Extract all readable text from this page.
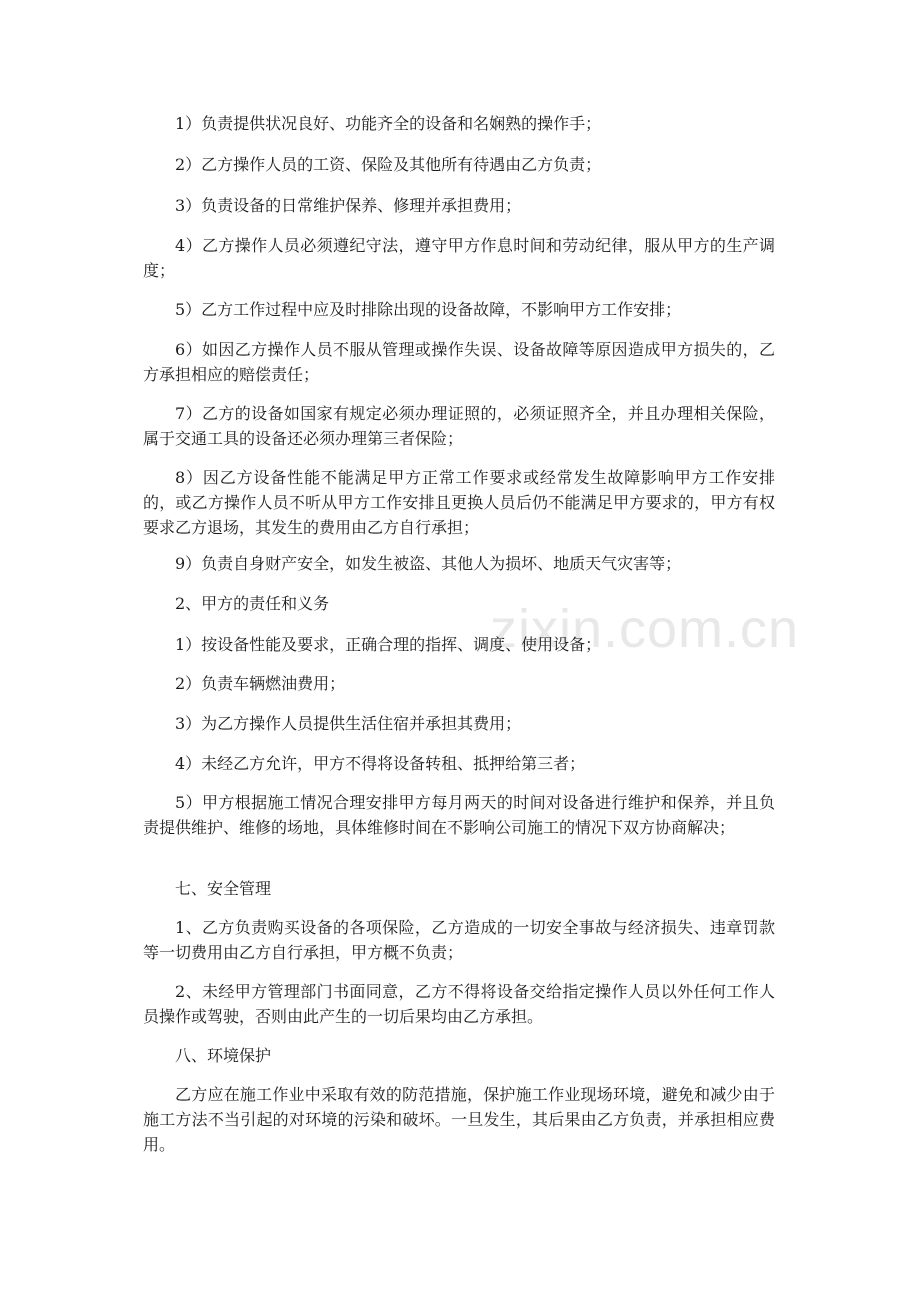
zixin.com.cn

1）负责提供状况良好、功能齐全的设备和名娴熟的操作手；

2）乙方操作人员的工资、保险及其他所有待遇由乙方负责；

3）负责设备的日常维护保养、修理并承担费用；

4）乙方操作人员必须遵纪守法，遵守甲方作息时间和劳动纪律，服从甲方的生产调度；

5）乙方工作过程中应及时排除出现的设备故障，不影响甲方工作安排；

6）如因乙方操作人员不服从管理或操作失误、设备故障等原因造成甲方损失的，乙方承担相应的赔偿责任；

7）乙方的设备如国家有规定必须办理证照的，必须证照齐全，并且办理相关保险，属于交通工具的设备还必须办理第三者保险；

8）因乙方设备性能不能满足甲方正常工作要求或经常发生故障影响甲方工作安排的，或乙方操作人员不听从甲方工作安排且更换人员后仍不能满足甲方要求的，甲方有权要求乙方退场，其发生的费用由乙方自行承担；

9）负责自身财产安全，如发生被盗、其他人为损坏、地质天气灾害等；

2、甲方的责任和义务

1）按设备性能及要求，正确合理的指挥、调度、使用设备；

2）负责车辆燃油费用；

3）为乙方操作人员提供生活住宿并承担其费用；

4）未经乙方允许，甲方不得将设备转租、抵押给第三者；

5）甲方根据施工情况合理安排甲方每月两天的时间对设备进行维护和保养，并且负责提供维护、维修的场地，具体维修时间在不影响公司施工的情况下双方协商解决；

七、安全管理

1、乙方负责购买设备的各项保险，乙方造成的一切安全事故与经济损失、违章罚款等一切费用由乙方自行承担，甲方概不负责；

2、未经甲方管理部门书面同意，乙方不得将设备交给指定操作人员以外任何工作人员操作或驾驶，否则由此产生的一切后果均由乙方承担。

八、环境保护

乙方应在施工作业中采取有效的防范措施，保护施工作业现场环境，避免和减少由于施工方法不当引起的对环境的污染和破坏。一旦发生，其后果由乙方负责，并承担相应费用。
